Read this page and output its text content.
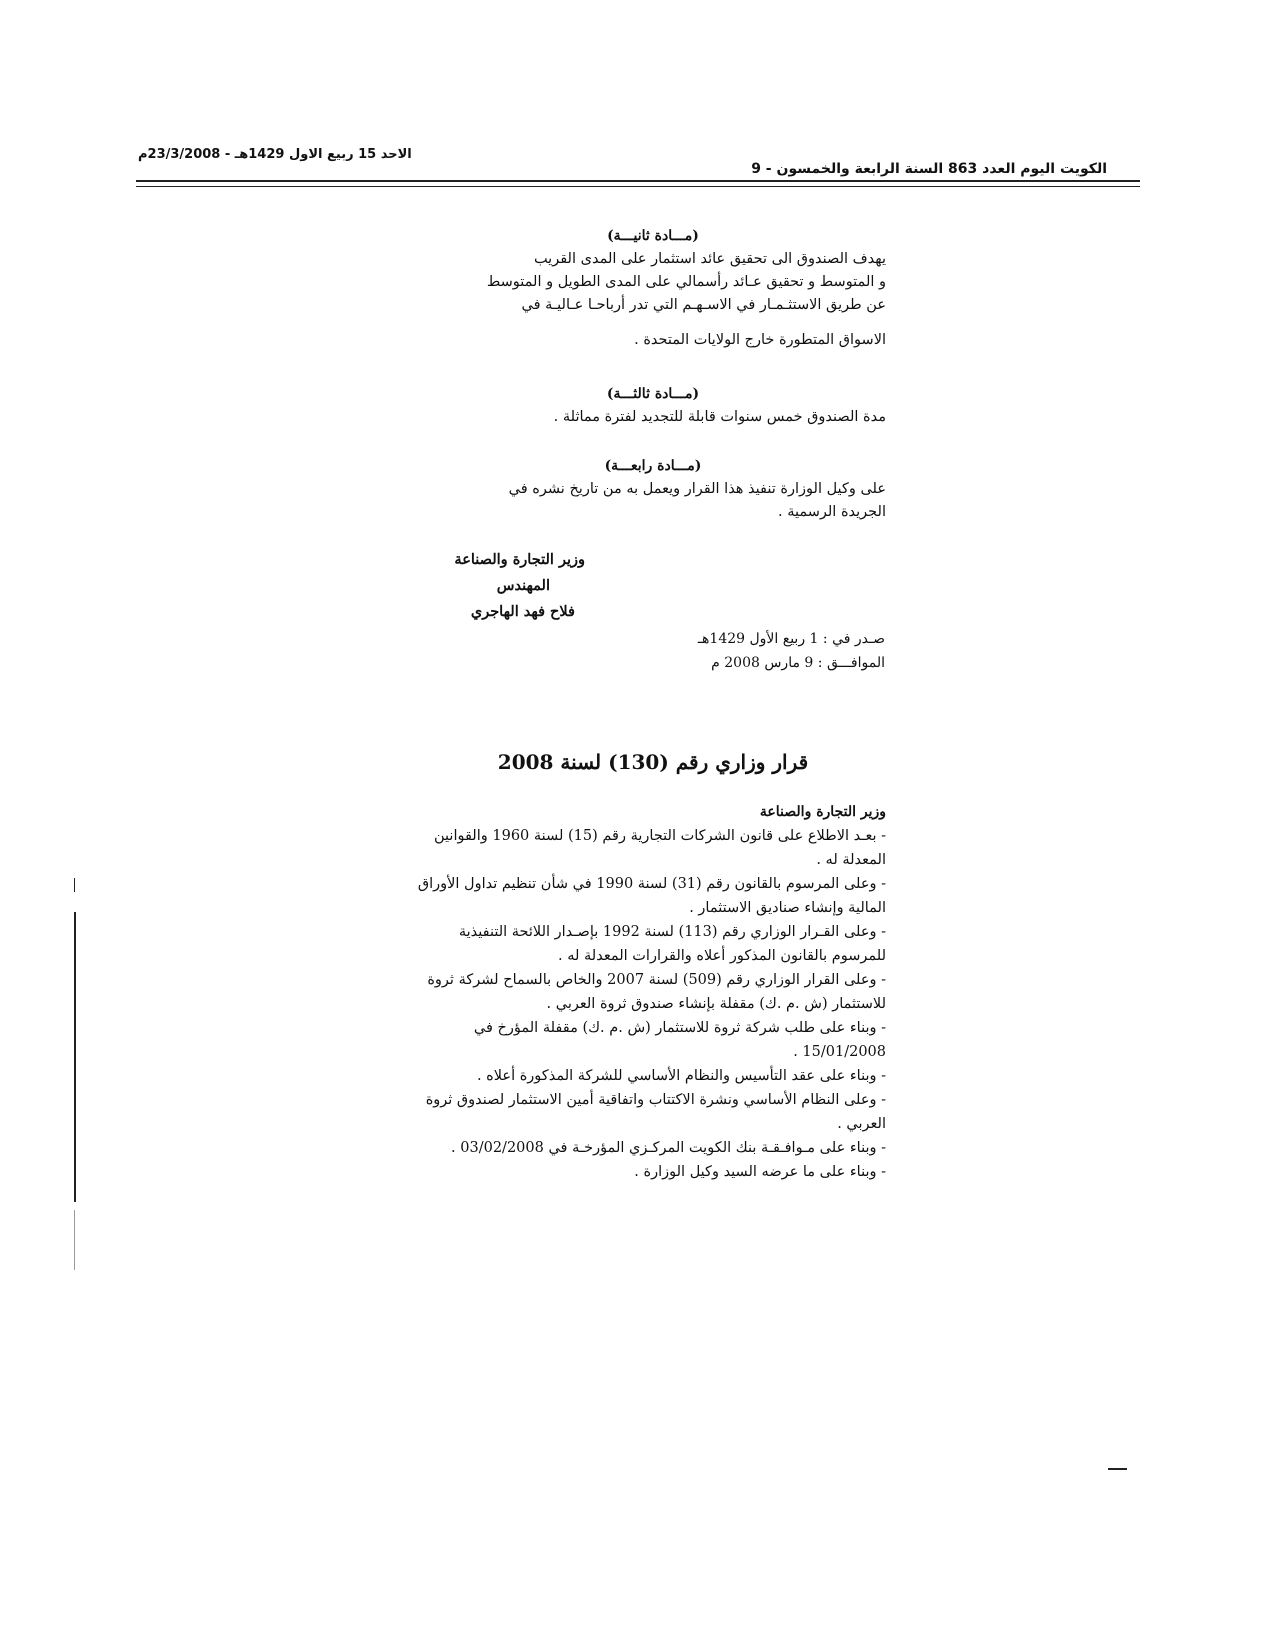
الكويت اليوم العدد 863 السنة الرابعة والخمسون - 9
الاحد 15 ربيع الاول 1429هـ - 23/3/2008م
(مـــادة ثانيـــة)

يهدف الصندوق الى تحقيق عائد استثمار على المدى القريب

و المتوسط و تحقيق عـائد رأسمالي على المدى الطويل و المتوسط

عن طريق الاستثـمـار في الاسـهـم التي تدر أرباحـا عـاليـة في

الاسواق المتطورة خارج الولايات المتحدة .

(مـــادة ثالثـــة)

مدة الصندوق خمس سنوات قابلة للتجديد لفترة مماثلة .

(مـــادة رابعـــة)

على وكيل الوزارة تنفيذ هذا القرار ويعمل به من تاريخ نشره في

الجريدة الرسمية .

وزير التجارة والصناعة
المهندس
فلاح فهد الهاجري
صـدر في : 1 ربيع الأول 1429هـ
الموافـــق : 9 مارس 2008 م
قرار وزاري رقم (130) لسنة 2008
وزير التجارة والصناعة

- بعـد الاطلاع على قانون الشركات التجارية رقم (15) لسنة 1960 والقوانين المعدلة له .

- وعلى المرسوم بالقانون رقم (31) لسنة 1990 في شأن تنظيم تداول الأوراق المالية وإنشاء صناديق الاستثمار .

- وعلى القـرار الوزاري رقم (113) لسنة 1992 بإصـدار اللائحة التنفيذية للمرسوم بالقانون المذكور أعلاه والقرارات المعدلة له .

- وعلى القرار الوزاري رقم (509) لسنة 2007 والخاص بالسماح لشركة ثروة للاستثمار (ش .م .ك) مقفلة بإنشاء صندوق ثروة العربي .

- وبناء على طلب شركة ثروة للاستثمار (ش .م .ك) مقفلة المؤرخ في 15/01/2008 .

- وبناء على عقد التأسيس والنظام الأساسي للشركة المذكورة أعلاه .

- وعلى النظام الأساسي ونشرة الاكتتاب واتفاقية أمين الاستثمار لصندوق ثروة العربي .

- وبناء على مـوافـقـة بنك الكويت المركـزي المؤرخـة في 03/02/2008 .

- وبناء على ما عرضه السيد وكيل الوزارة .
